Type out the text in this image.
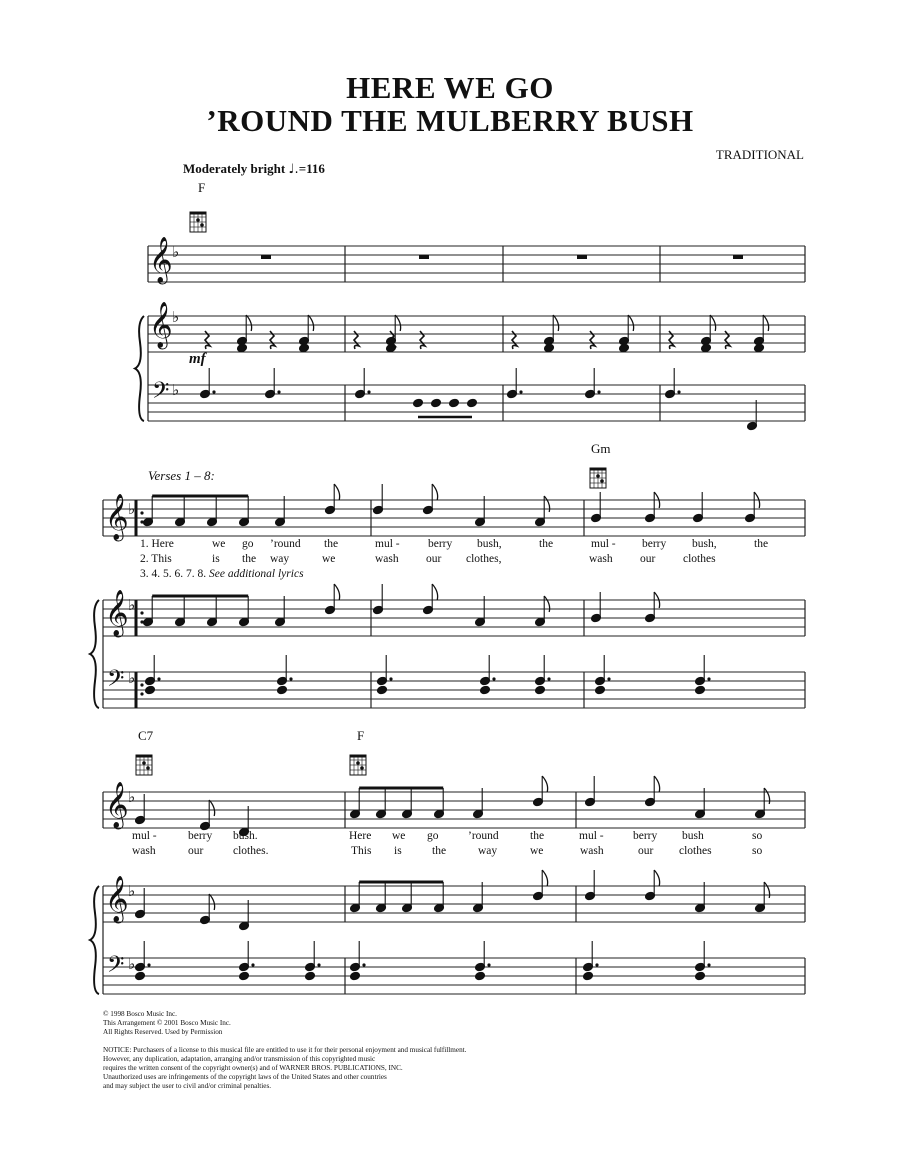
HERE WE GO
’ROUND THE MULBERRY BUSH
TRADITIONAL
Moderately bright ♩.=116
F
Gm
C7	F
mf
Verses 1 – 8:
𝄞
𝄞
𝄢
𝄞
𝄞
𝄢
𝄞
𝄞
𝄢
♭
♭
♭
♭
♭
♭
♭
♭
♭
1. Here	we go ’round the	mul - berry bush,	the	mul - berry bush,	the
2. This	is the way	we	wash our clothes,	wash our clothes
3. 4. 5. 6. 7. 8. See additional lyrics
mul -	berry bush.	Here we go	’round	the	mul -	berry bush	so
wash	our	clothes.	This is	the	way	we	wash	our clothes	so
© 1998 Bosco Music Inc.
This Arrangement © 2001 Bosco Music Inc.
All Rights Reserved. Used by Permission
NOTICE: Purchasers of a license to this musical file are entitled to use it for their personal enjoyment and musical fulfillment.
However, any duplication, adaptation, arranging and/or transmission of this copyrighted music
requires the written consent of the copyright owner(s) and of WARNER BROS. PUBLICATIONS, INC.
Unauthorized uses are infringements of the copyright laws of the United States and other countries
and may subject the user to civil and/or criminal penalties.
